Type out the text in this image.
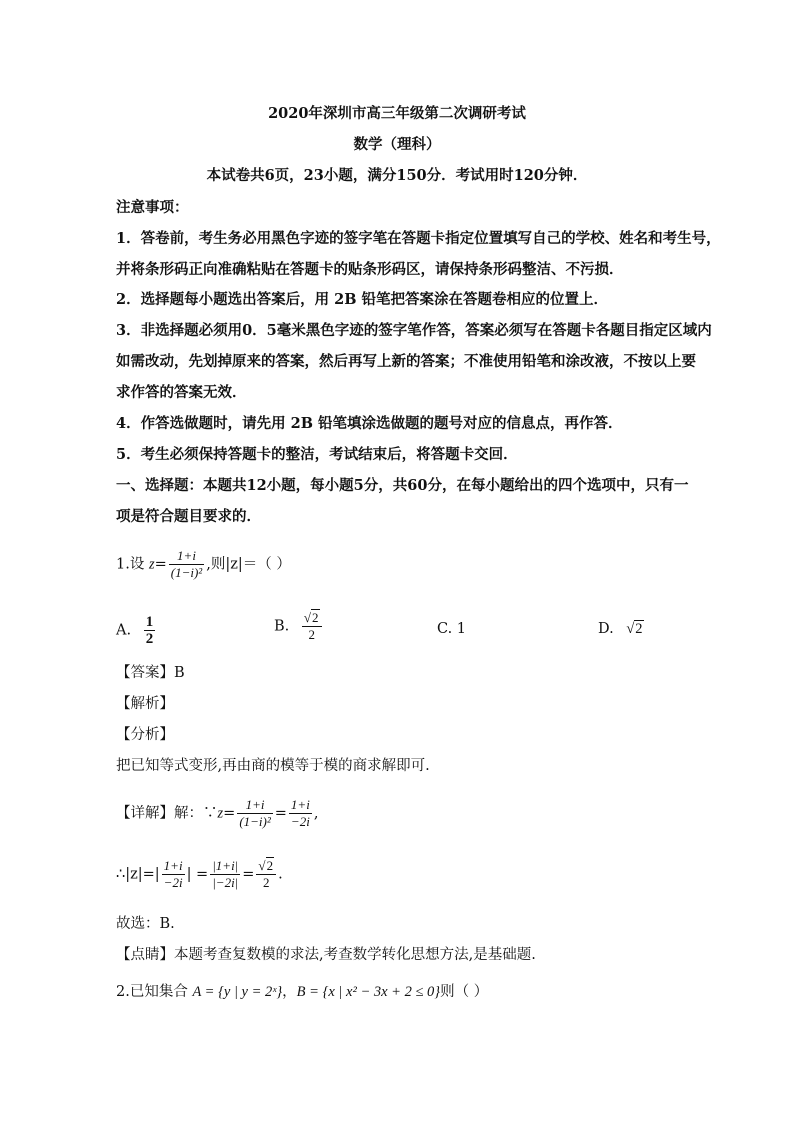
2020年深圳市高三年级第二次调研考试
数学（理科）
本试卷共6页，23小题，满分150分．考试用时120分钟．
注意事项：
1．答卷前，考生务必用黑色字迹的签字笔在答题卡指定位置填写自己的学校、姓名和考生号，
并将条形码正向准确粘贴在答题卡的贴条形码区，请保持条形码整洁、不污损．
2．选择题每小题选出答案后，用 2B 铅笔把答案涂在答题卷相应的位置上．
3．非选择题必须用0．5毫米黑色字迹的签字笔作答，答案必须写在答题卡各题目指定区域内
如需改动，先划掉原来的答案，然后再写上新的答案；不准使用铅笔和涂改液，不按以上要
求作答的答案无效．
4．作答选做题时，请先用 2B 铅笔填涂选做题的题号对应的信息点，再作答．
5．考生必须保持答题卡的整洁，考试结束后，将答题卡交回．
一、选择题：本题共12小题，每小题5分，共60分，在每小题给出的四个选项中，只有一
项是符合题目要求的．
1.设 $z= \frac{1+i}{\text{(1−i)²}}$ ,则|z|＝（ ）
A. $\frac{1}{2}$	B. $\frac{√2}{2}$	C. 1	D. √2
【答案】B
【解析】
【分析】
把已知等式变形,再由商的模等于模的商求解即可.
【详解】解：∵z= $\frac{1+i}{\text{(1−i)²}} = \frac{1+i}{-2i}$ ,
∴|z|=| $\frac{1+i}{-2i}$ | = $\frac{|1+i|}{|-2i|} = \frac{√2}{2}$ .
故选：B.
【点睛】本题考查复数模的求法,考查数学转化思想方法,是基础题.
2.已知集合 A = {y | y = 2ˣ}，B = {x | x² − 3x + 2 ≤ 0}则（ ）
